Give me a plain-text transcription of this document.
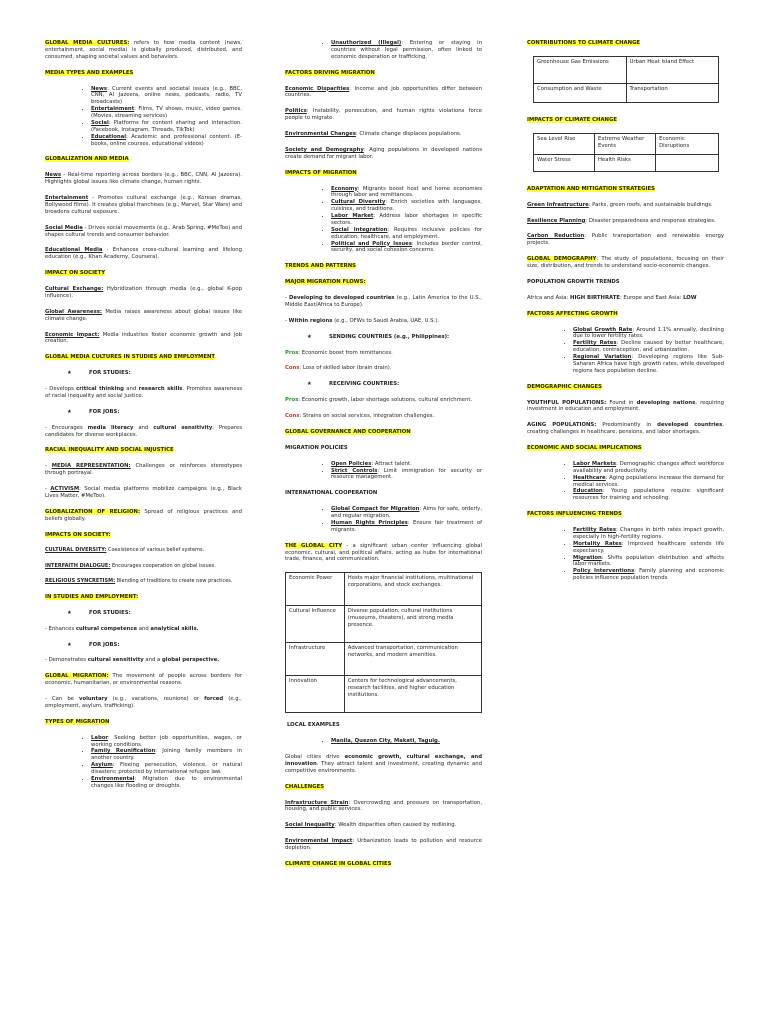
GLOBAL MEDIA CULTURES: refers to how media content (news, entertainment, social media) is globally produced, distributed, and consumed, shaping societal values and behaviors.

MEDIA TYPES AND EXAMPLES

• News: Current events and societal issues (e.g., BBC, CNN, Al Jazeera, online news, podcasts, radio, TV broadcasts)
• Entertainment: Films, TV shows, music, video games. (Movies, streaming services)
• Social: Platforms for content sharing and interaction. (Facebook, Instagram, Threads, TikTok)
• Educational: Academic and professional content. (E-books, online courses, educational videos)

GLOBALIZATION AND MEDIA

News - Real-time reporting across borders (e.g., BBC, CNN, Al Jazeera). Highlights global issues like climate change, human rights.

Entertainment - Promotes cultural exchange (e.g., Korean dramas, Bollywood films). It creates global franchises (e.g., Marvel, Star Wars) and broadens cultural exposure.

Social Media - Drives social movements (e.g., Arab Spring, #MeToo) and shapes cultural trends and consumer behavior.

Educational Media - Enhances cross-cultural learning and lifelong education (e.g., Khan Academy, Coursera).

IMPACT ON SOCIETY

Cultural Exchange: Hybridization through media (e.g., global K-pop influence).

Global Awareness: Media raises awareness about global issues like climate change.

Economic Impact: Media industries foster economic growth and job creation.

GLOBAL MEDIA CULTURES IN STUDIES AND EMPLOYMENT

★	FOR STUDIES:

- Develops critical thinking and research skills. Promotes awareness of racial inequality and social justice.

★	FOR JOBS:

- Encourages media literacy and cultural sensitivity. Prepares candidates for diverse workplaces.

RACIAL INEQUALITY AND SOCIAL INJUSTICE

- MEDIA REPRESENTATION: Challenges or reinforces stereotypes through portrayal.

- ACTIVISM: Social media platforms mobilize campaigns (e.g., Black Lives Matter, #MeToo).

GLOBALIZATION OF RELIGION: Spread of religious practices and beliefs globally.

IMPACTS ON SOCIETY:

CULTURAL DIVERSITY: Coexistence of various belief systems.

INTERFAITH DIALOGUE: Encourages cooperation on global issues.

RELIGIOUS SYNCRETISM: Blending of traditions to create new practices.

IN STUDIES AND EMPLOYMENT:

★	FOR STUDIES:

- Enhances cultural competence and analytical skills.

★	FOR JOBS:

- Demonstrates cultural sensitivity and a global perspective.

GLOBAL MIGRATION: The movement of people across borders for economic, humanitarian, or environmental reasons.

- Can be voluntary (e.g., vacations, reunions) or forced (e.g., employment, asylum, trafficking).

TYPES OF MIGRATION

• Labor: Seeking better job opportunities, wages, or working conditions.
• Family Reunification: Joining family members in another country.
• Asylum: Fleeing persecution, violence, or natural disasters; protected by international refugee law.
• Environmental: Migration due to environmental changes like flooding or droughts.
• Unauthorized (Illegal): Entering or staying in countries without legal permission, often linked to economic desperation or trafficking.

FACTORS DRIVING MIGRATION

Economic Disparities: Income and job opportunities differ between countries.

Politics: Instability, persecution, and human rights violations force people to migrate.

Environmental Changes: Climate change displaces populations.

Society and Demography: Aging populations in developed nations create demand for migrant labor.

IMPACTS OF MIGRATION

• Economy: Migrants boost host and home economies through labor and remittances.
• Cultural Diversity: Enrich societies with languages, cuisines, and traditions.
• Labor Market: Address labor shortages in specific sectors.
• Social Integration: Requires inclusive policies for education, healthcare, and employment.
• Political and Policy Issues: Includes border control, security, and social cohesion concerns.

TRENDS AND PATTERNS

MAJOR MIGRATION FLOWS:

- Developing to developed countries (e.g., Latin America to the U.S., Middle East/Africa to Europe).

- Within regions (e.g., OFWs to Saudi Arabia, UAE, U.S.).

★	SENDING COUNTRIES (e.g., Philippines):

Pros: Economic boost from remittances.

Cons: Loss of skilled labor (brain drain).

★	RECEIVING COUNTRIES:

Pros: Economic growth, labor shortage solutions, cultural enrichment.

Cons: Strains on social services, integration challenges.

GLOBAL GOVERNANCE AND COOPERATION

MIGRATION POLICIES

• Open Policies: Attract talent.
• Strict Controls: Limit immigration for security or resource management.

INTERNATIONAL COOPERATION

• Global Compact for Migration: Aims for safe, orderly, and regular migration.
• Human Rights Principles: Ensure fair treatment of migrants.

THE GLOBAL CITY - a significant urban center influencing global economic, cultural, and political affairs, acting as hubs for international trade, finance, and communication.

Economic Power	Hosts major financial institutions, multinational corporations, and stock exchanges.
Cultural Influence	Diverse population, cultural institutions (museums, theaters), and strong media presence.
Infrastructure	Advanced transportation, communication networks, and modern amenities.
Innovation	Centers for technological advancements, research facilities, and higher education institutions.

LOCAL EXAMPLES

• Manila, Quezon City, Makati, Taguig.

Global cities drive economic growth, cultural exchange, and innovation. They attract talent and investment, creating dynamic and competitive environments.

CHALLENGES

Infrastructure Strain: Overcrowding and pressure on transportation, housing, and public services.

Social Inequality: Wealth disparities often caused by redlining.

Environmental Impact: Urbanization leads to pollution and resource depletion.

CLIMATE CHANGE IN GLOBAL CITIES

CONTRIBUTIONS TO CLIMATE CHANGE

Greenhouse Gas Emissions	Urban Heat Island Effect
Consumption and Waste	Transportation

IMPACTS OF CLIMATE CHANGE

Sea Level Rise	Extreme Weather Events	Economic Disruptions
Water Stress	Health Risks	

ADAPTATION AND MITIGATION STRATEGIES

Green Infrastructure: Parks, green roofs, and sustainable buildings.

Resilience Planning: Disaster preparedness and response strategies.

Carbon Reduction: Public transportation and renewable energy projects.

GLOBAL DEMOGRAPHY: The study of populations, focusing on their size, distribution, and trends to understand socio-economic changes.

POPULATION GROWTH TRENDS

Africa and Asia: HIGH BIRTHRATE: Europe and East Asia: LOW

FACTORS AFFECTING GROWTH

• Global Growth Rate: Around 1.1% annually, declining due to lower fertility rates.
• Fertility Rates: Decline caused by better healthcare, education, contraception, and urbanization.
• Regional Variation: Developing regions like Sub-Saharan Africa have high growth rates, while developed regions face population decline.

DEMOGRAPHIC CHANGES

YOUTHFUL POPULATIONS: Found in developing nations, requiring investment in education and employment.

AGING POPULATIONS: Predominantly in developed countries, creating challenges in healthcare, pensions, and labor shortages.

ECONOMIC AND SOCIAL IMPLICATIONS

• Labor Markets: Demographic changes affect workforce availability and productivity.
• Healthcare: Aging populations increase the demand for medical services.
• Education: Young populations require significant resources for training and schooling.

FACTORS INFLUENCING TRENDS

• Fertility Rates: Changes in birth rates impact growth, especially in high-fertility regions.
• Mortality Rates: Improved healthcare extends life expectancy.
• Migration: Shifts population distribution and affects labor markets.
• Policy Interventions: Family planning and economic policies influence population trends
